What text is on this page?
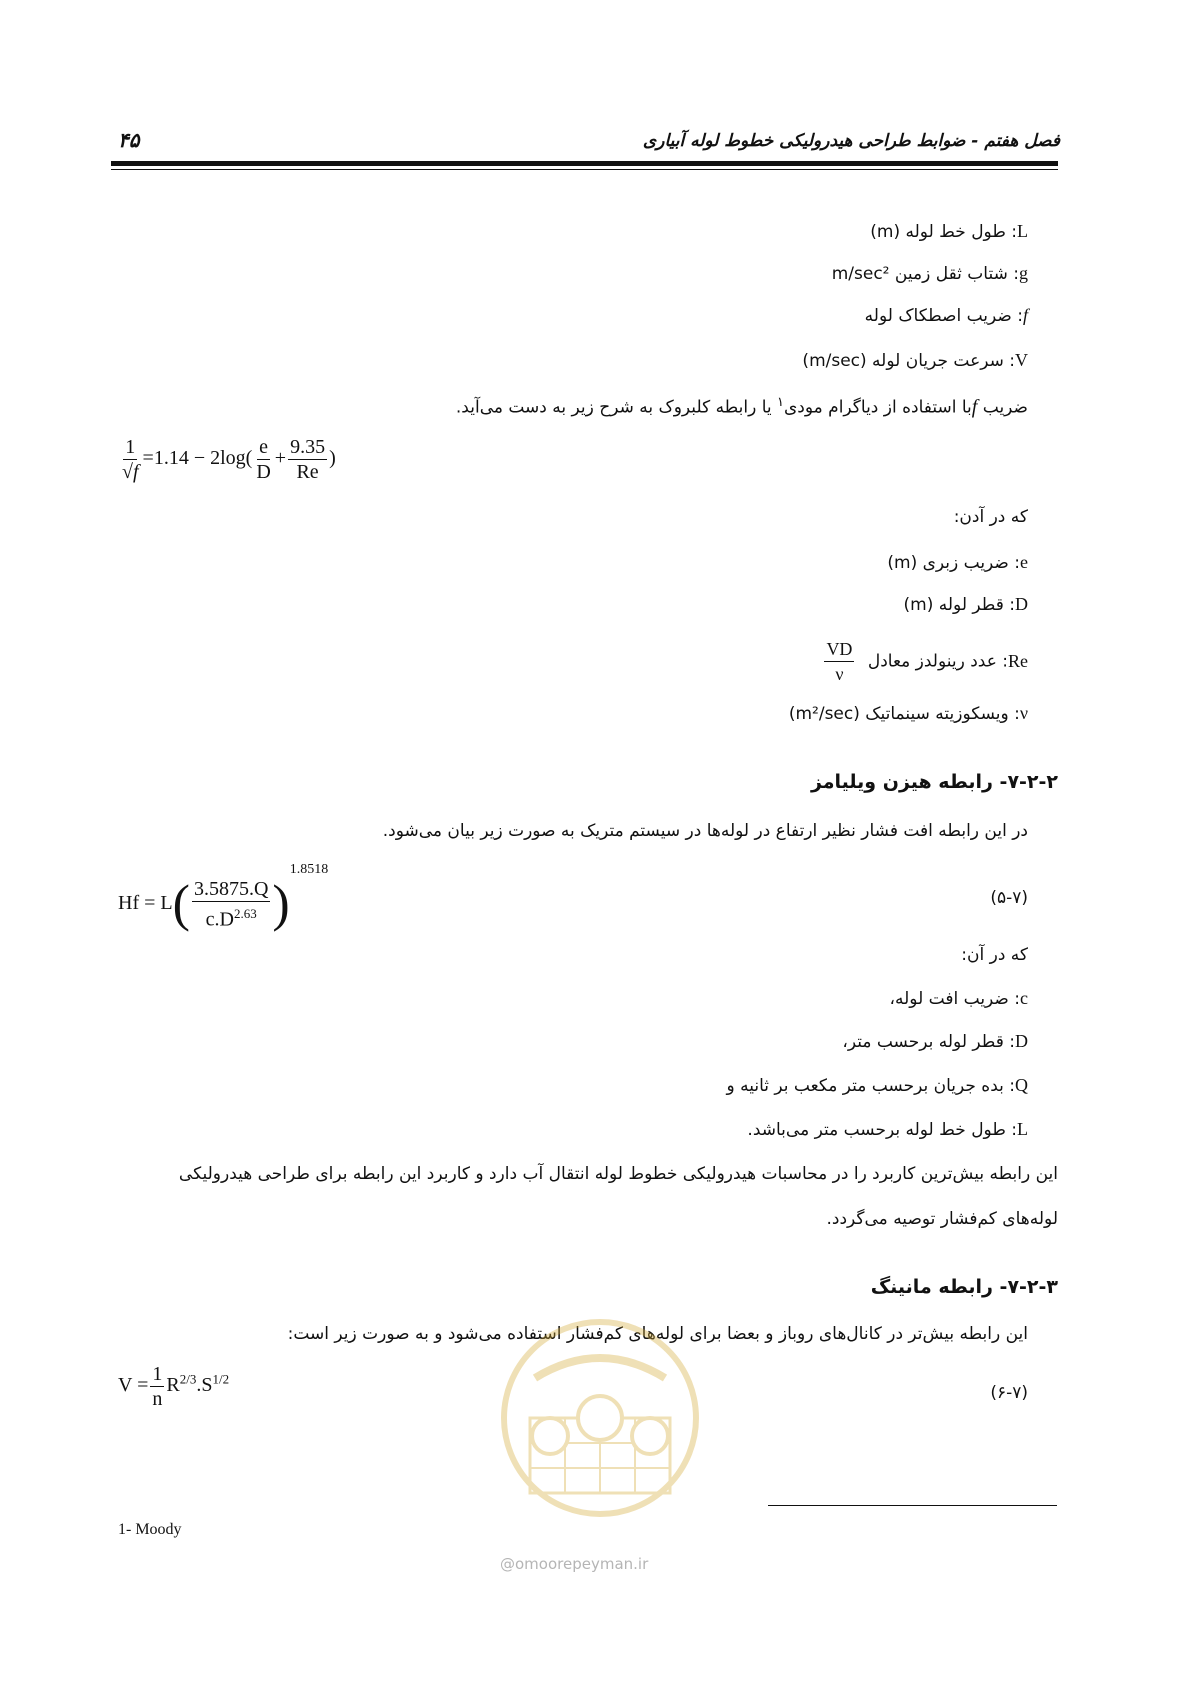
فصل هفتم - ضوابط طراحی هیدرولیکی خطوط لوله آبیاری
۴۵
L: طول خط لوله (m)
g: شتاب ثقل زمین m/sec²
f: ضریب اصطکاک لوله
V: سرعت جریان لوله (m/sec)
ضریب fبا استفاده از دیاگرام مودی$^۱$ یا رابطه کلبروک به شرح زیر به دست می‌آید.
$\frac{1}{√f} =1.14 - 2\log( \frac{e}{D} + \frac{9.35}{Re}$ )
که در آدن:
e: ضریب زبری (m)
D: قطر لوله (m)
Re: عدد رینولدز معادل
$\frac{VD}{\nu}$
ν: ویسکوزیته سینماتیک (m²/sec)
۷-۲-۲- رابطه هیزن ویلیامز
در این رابطه افت فشار نظیر ارتفاع در لوله‌ها در سیستم متریک به صورت زیر بیان می‌شود.
$Hf = L( \frac{3.5875.Q}{c.D^{2.63}} )^{1.8518}$
(۵-۷)
که در آن:
c: ضریب افت لوله،
D: قطر لوله برحسب متر،
Q: بده جریان برحسب متر مکعب بر ثانیه و
L: طول خط لوله برحسب متر می‌باشد.
این رابطه بیش‌ترین کاربرد را در محاسبات هیدرولیکی خطوط لوله انتقال آب دارد و کاربرد این رابطه برای طراحی هیدرولیکی
لوله‌های کم‌فشار توصیه می‌گردد.
۷-۲-۳- رابطه مانینگ
این رابطه بیش‌تر در کانال‌های روباز و بعضا برای لوله‌های کم‌فشار استفاده می‌شود و به صورت زیر است:
$V = \frac{1}{n} R^{2/3}.S^{1/2}$
(۶-۷)
@omoorepeyman.ir
1- Moody
